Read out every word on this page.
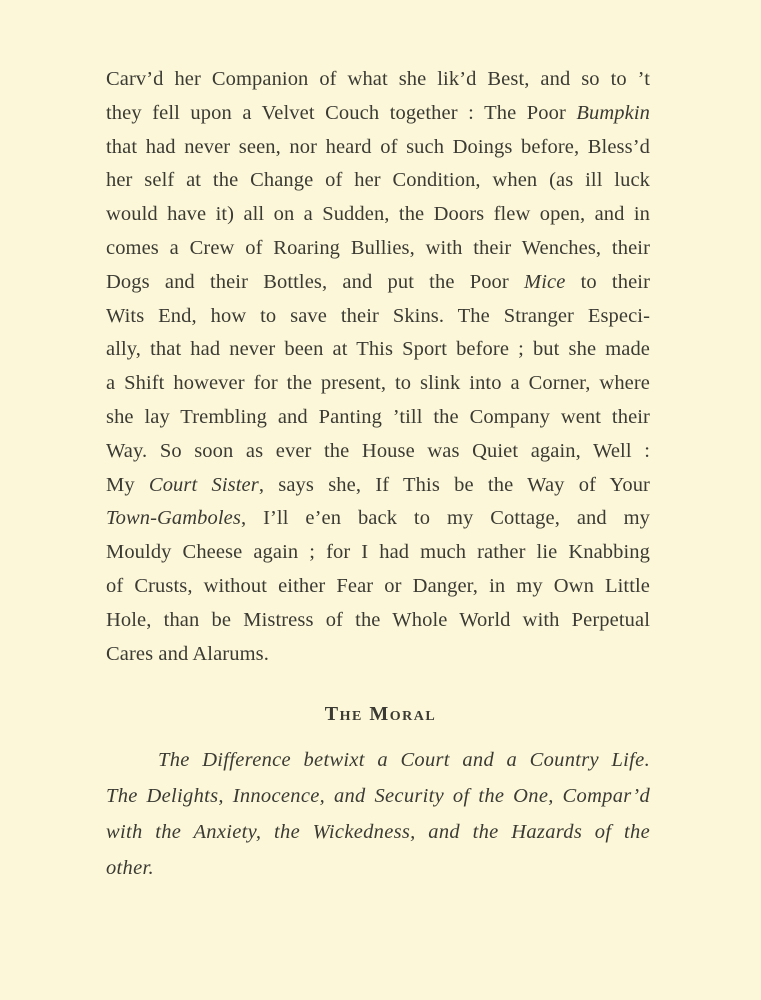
Carv’d her Companion of what she lik’d Best, and so to ’t
they fell upon a Velvet Couch together : The Poor Bumpkin
that had never seen, nor heard of such Doings before, Bless’d
her self at the Change of her Condition, when (as ill luck
would have it) all on a Sudden, the Doors flew open, and in
comes a Crew of Roaring Bullies, with their Wenches, their
Dogs and their Bottles, and put the Poor Mice to their
Wits End, how to save their Skins. The Stranger Especi-
ally, that had never been at This Sport before ; but she made
a Shift however for the present, to slink into a Corner, where
she lay Trembling and Panting ’till the Company went their
Way. So soon as ever the House was Quiet again, Well :
My Court Sister, says she, If This be the Way of Your
Town-Gamboles, I’ll e’en back to my Cottage, and my
Mouldy Cheese again ; for I had much rather lie Knabbing
of Crusts, without either Fear or Danger, in my Own Little
Hole, than be Mistress of the Whole World with Perpetual
Cares and Alarums.
The Moral
The Difference betwixt a Court and a Country Life.
The Delights, Innocence, and Security of the One, Compar’d
with the Anxiety, the Wickedness, and the Hazards of the
other.
